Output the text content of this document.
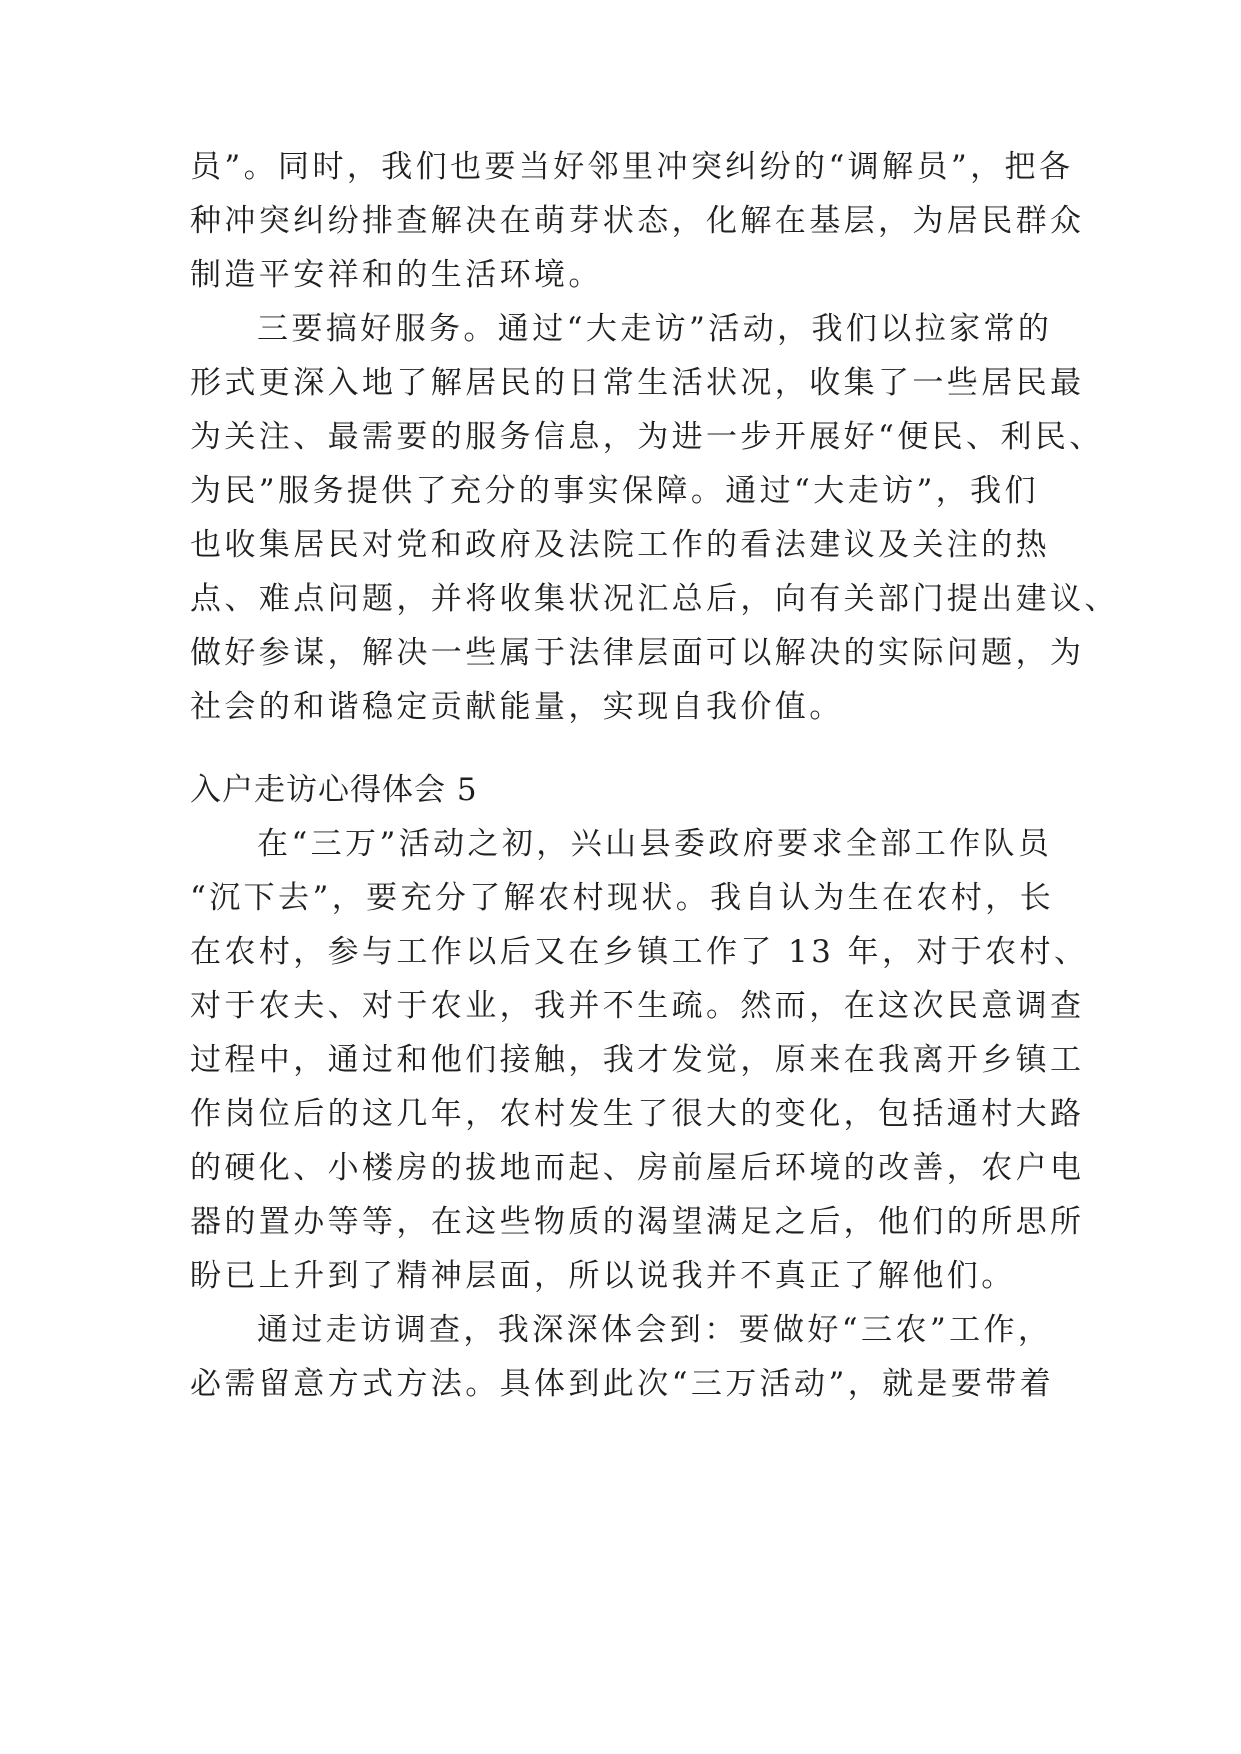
员”。同时，我们也要当好邻里冲突纠纷的“调解员”，把各
种冲突纠纷排查解决在萌芽状态，化解在基层，为居民群众
制造平安祥和的生活环境。
三要搞好服务。通过“大走访”活动，我们以拉家常的
形式更深入地了解居民的日常生活状况，收集了一些居民最
为关注、最需要的服务信息，为进一步开展好“便民、利民、
为民”服务提供了充分的事实保障。通过“大走访”，我们
也收集居民对党和政府及法院工作的看法建议及关注的热
点、难点问题，并将收集状况汇总后，向有关部门提出建议、
做好参谋，解决一些属于法律层面可以解决的实际问题，为
社会的和谐稳定贡献能量，实现自我价值。
入户走访心得体会 5
在“三万”活动之初，兴山县委政府要求全部工作队员
“沉下去”，要充分了解农村现状。我自认为生在农村，长
在农村，参与工作以后又在乡镇工作了 13 年，对于农村、
对于农夫、对于农业，我并不生疏。然而，在这次民意调查
过程中，通过和他们接触，我才发觉，原来在我离开乡镇工
作岗位后的这几年，农村发生了很大的变化，包括通村大路
的硬化、小楼房的拔地而起、房前屋后环境的改善，农户电
器的置办等等，在这些物质的渴望满足之后，他们的所思所
盼已上升到了精神层面，所以说我并不真正了解他们。
通过走访调查，我深深体会到：要做好“三农”工作，
必需留意方式方法。具体到此次“三万活动”，就是要带着
